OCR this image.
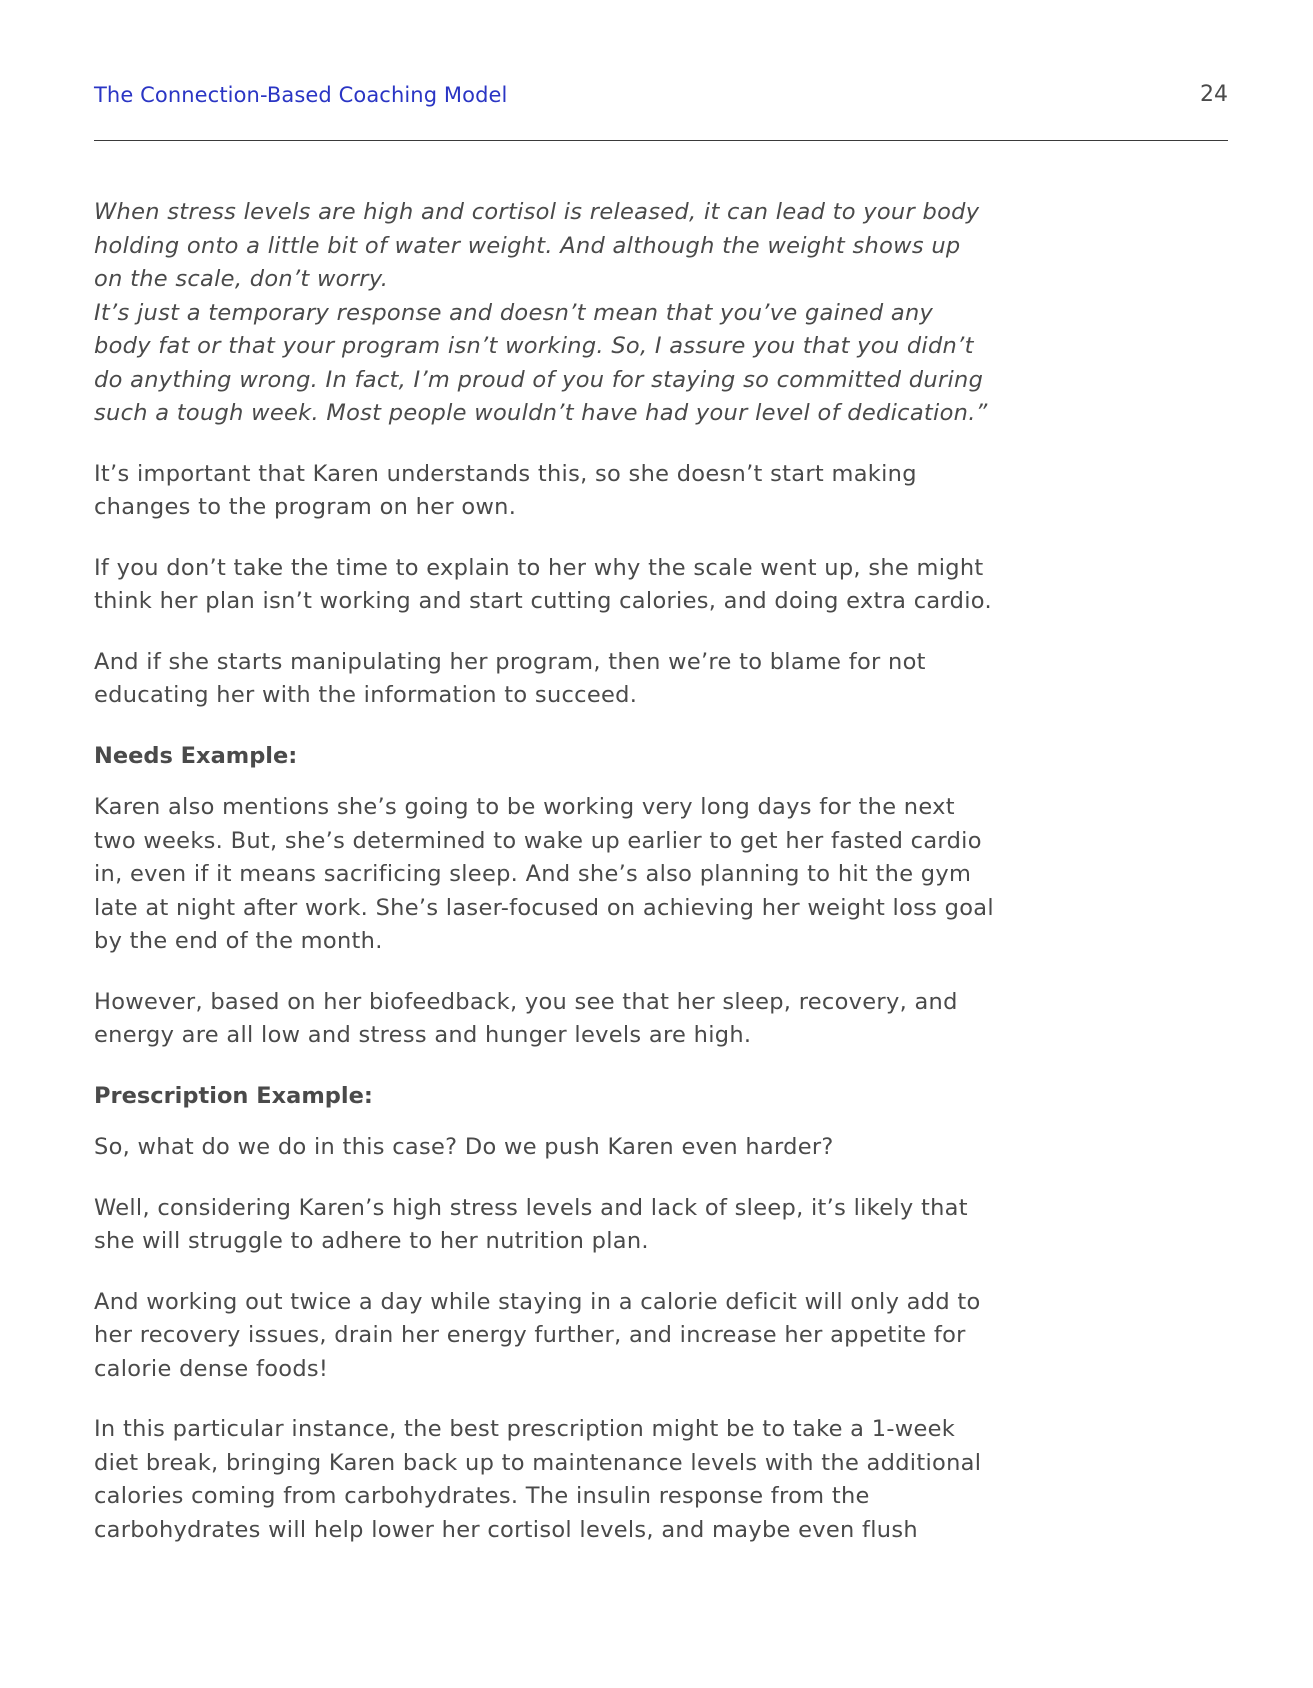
The Connection-Based Coaching Model	24

When stress levels are high and cortisol is released, it can lead to your body holding onto a little bit of water weight. And although the weight shows up on the scale, don’t worry.

It’s just a temporary response and doesn’t mean that you’ve gained any body fat or that your program isn’t working. So, I assure you that you didn’t do anything wrong. In fact, I’m proud of you for staying so committed during such a tough week. Most people wouldn’t have had your level of dedication.”

It’s important that Karen understands this, so she doesn’t start making changes to the program on her own.

If you don’t take the time to explain to her why the scale went up, she might think her plan isn’t working and start cutting calories, and doing extra cardio.

And if she starts manipulating her program, then we’re to blame for not educating her with the information to succeed.

Needs Example:

Karen also mentions she’s going to be working very long days for the next two weeks. But, she’s determined to wake up earlier to get her fasted cardio in, even if it means sacrificing sleep. And she’s also planning to hit the gym late at night after work. She’s laser-focused on achieving her weight loss goal by the end of the month.

However, based on her biofeedback, you see that her sleep, recovery, and energy are all low and stress and hunger levels are high.

Prescription Example:

So, what do we do in this case? Do we push Karen even harder?

Well, considering Karen’s high stress levels and lack of sleep, it’s likely that she will struggle to adhere to her nutrition plan.

And working out twice a day while staying in a calorie deficit will only add to her recovery issues, drain her energy further, and increase her appetite for calorie dense foods!

In this particular instance, the best prescription might be to take a 1-week diet break, bringing Karen back up to maintenance levels with the additional calories coming from carbohydrates. The insulin response from the carbohydrates will help lower her cortisol levels, and maybe even flush
